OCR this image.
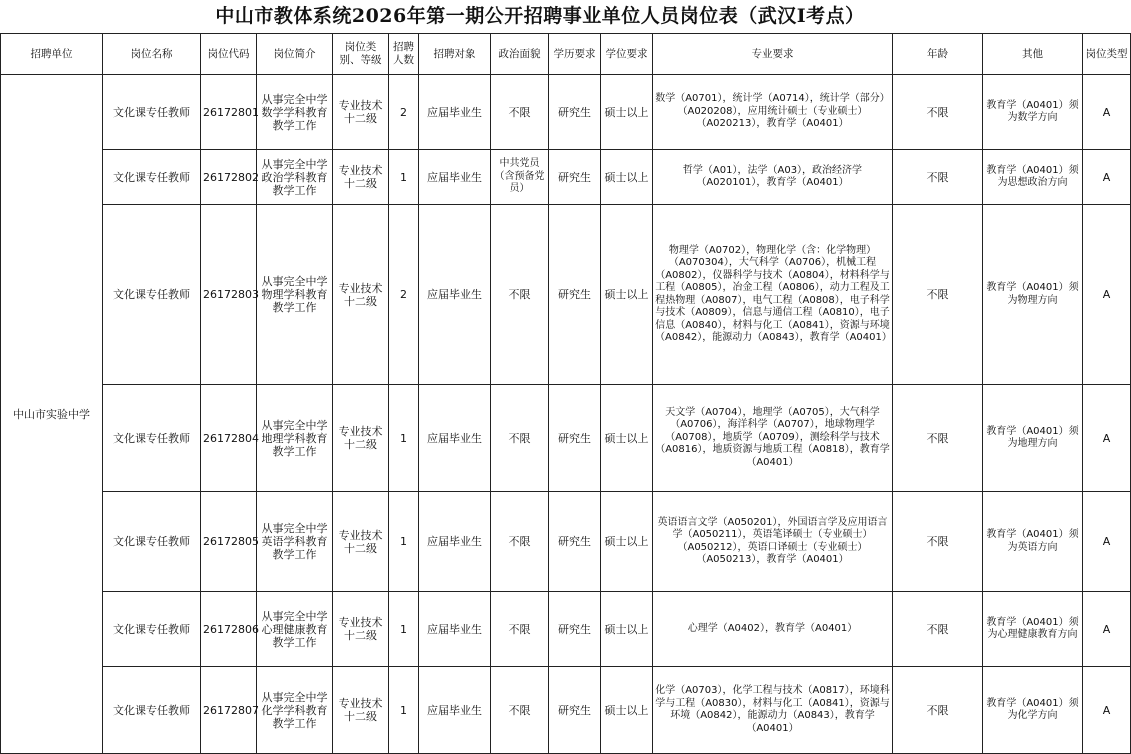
中山市教体系统2026年第一期公开招聘事业单位人员岗位表（武汉Ⅰ考点）
招聘单位	岗位名称	岗位代码	岗位简介	岗位类别、等级	招聘人数	招聘对象	政治面貌	学历要求	学位要求	专业要求	年龄	其他	岗位类型
中山市实验中学	文化课专任教师	26172801	从事完全中学数学学科教育教学工作	专业技术十二级	2	应届毕业生	不限	研究生	硕士以上	数学（A0701），统计学（A0714），统计学（部分）（A020208），应用统计硕士（专业硕士）（A020213），教育学（A0401）	不限	教育学（A0401）须为数学方向	A
	文化课专任教师	26172802	从事完全中学政治学科教育教学工作	专业技术十二级	1	应届毕业生	中共党员（含预备党员）	研究生	硕士以上	哲学（A01），法学（A03），政治经济学（A020101），教育学（A0401）	不限	教育学（A0401）须为思想政治方向	A
	文化课专任教师	26172803	从事完全中学物理学科教育教学工作	专业技术十二级	2	应届毕业生	不限	研究生	硕士以上	物理学（A0702），物理化学（含：化学物理）（A070304），大气科学（A0706），机械工程（A0802），仪器科学与技术（A0804），材料科学与工程（A0805），冶金工程（A0806），动力工程及工程热物理（A0807），电气工程（A0808），电子科学与技术（A0809），信息与通信工程（A0810），电子信息（A0840），材料与化工（A0841），资源与环境（A0842），能源动力（A0843），教育学（A0401）	不限	教育学（A0401）须为物理方向	A
	文化课专任教师	26172804	从事完全中学地理学科教育教学工作	专业技术十二级	1	应届毕业生	不限	研究生	硕士以上	天文学（A0704），地理学（A0705），大气科学（A0706），海洋科学（A0707），地球物理学（A0708），地质学（A0709），测绘科学与技术（A0816），地质资源与地质工程（A0818），教育学（A0401）	不限	教育学（A0401）须为地理方向	A
	文化课专任教师	26172805	从事完全中学英语学科教育教学工作	专业技术十二级	1	应届毕业生	不限	研究生	硕士以上	英语语言文学（A050201），外国语言学及应用语言学（A050211），英语笔译硕士（专业硕士）（A050212），英语口译硕士（专业硕士）（A050213），教育学（A0401）	不限	教育学（A0401）须为英语方向	A
	文化课专任教师	26172806	从事完全中学心理健康教育教学工作	专业技术十二级	1	应届毕业生	不限	研究生	硕士以上	心理学（A0402），教育学（A0401）	不限	教育学（A0401）须为心理健康教育方向	A
	文化课专任教师	26172807	从事完全中学化学学科教育教学工作	专业技术十二级	1	应届毕业生	不限	研究生	硕士以上	化学（A0703），化学工程与技术（A0817），环境科学与工程（A0830），材料与化工（A0841），资源与环境（A0842），能源动力（A0843），教育学（A0401）	不限	教育学（A0401）须为化学方向	A
